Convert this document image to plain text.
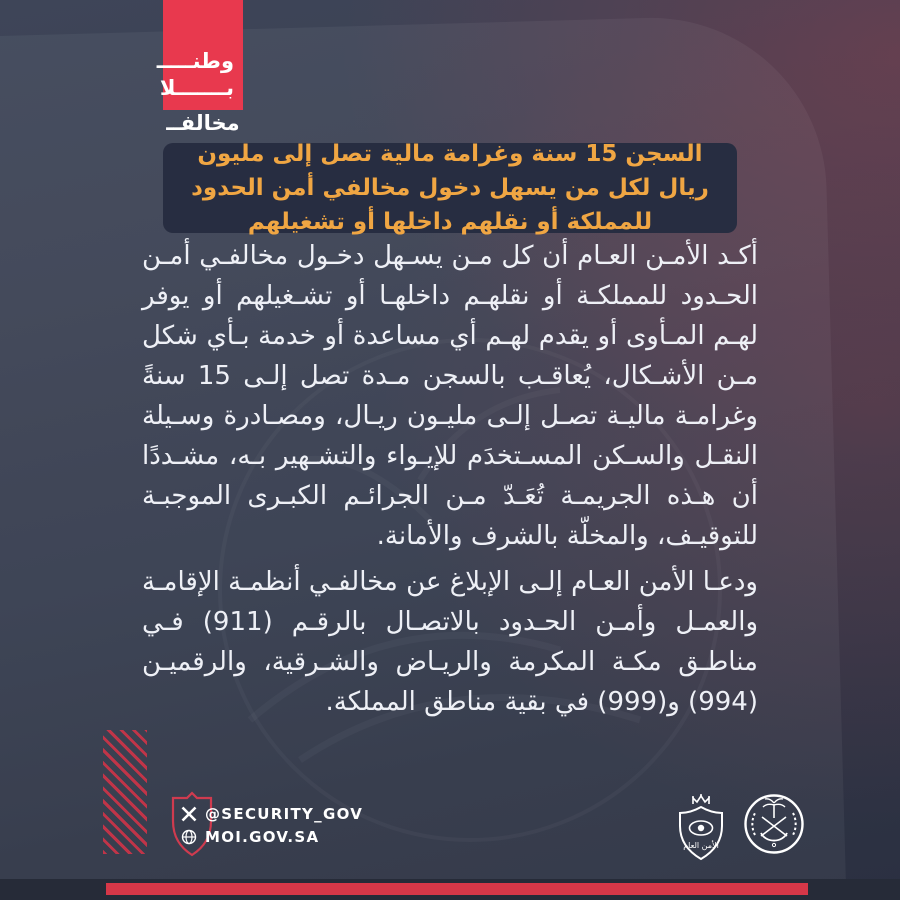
وطنـــــ
بـــــــلا
مخالفــ
السجن 15 سنة وغرامة مالية تصل إلى مليون ريال لكل من يسهل دخول مخالفي أمن الحدود للمملكة أو نقلهم داخلها أو تشغيلهم

أكـد الأمـن العـام أن كل مـن يسـهل دخـول مخالفـي أمـن الحـدود للمملكـة أو نقلهـم داخلهـا أو تشـغيلهم أو يوفر لهـم المـأوى أو يقدم لهـم أي مساعدة أو خدمة بـأي شكل مـن الأشـكال، يُعاقـب بالسجن مـدة تصل إلـى 15 سنةً وغرامـة ماليـة تصـل إلـى مليـون ريـال، ومصـادرة وسـيلة النقـل والسـكن المسـتخدَم للإيـواء والتشـهير بـه، مشـددًا أن هـذه الجريمـة تُعَـدّ مـن الجرائـم الكبـرى الموجبـة للتوقيـف، والمخلّة بالشرف والأمانة.

ودعـا الأمن العـام إلـى الإبلاغ عن مخالفـي أنظمـة الإقامـة والعمـل وأمـن الحـدود بالاتصـال بالرقـم (911) فـي مناطـق مكـة المكرمة والريـاض والشـرقية، والرقميـن (994) و(999) في بقية مناطق المملكة.

@SECURITY_GOV
MOI.GOV.SA	الأمن العام
